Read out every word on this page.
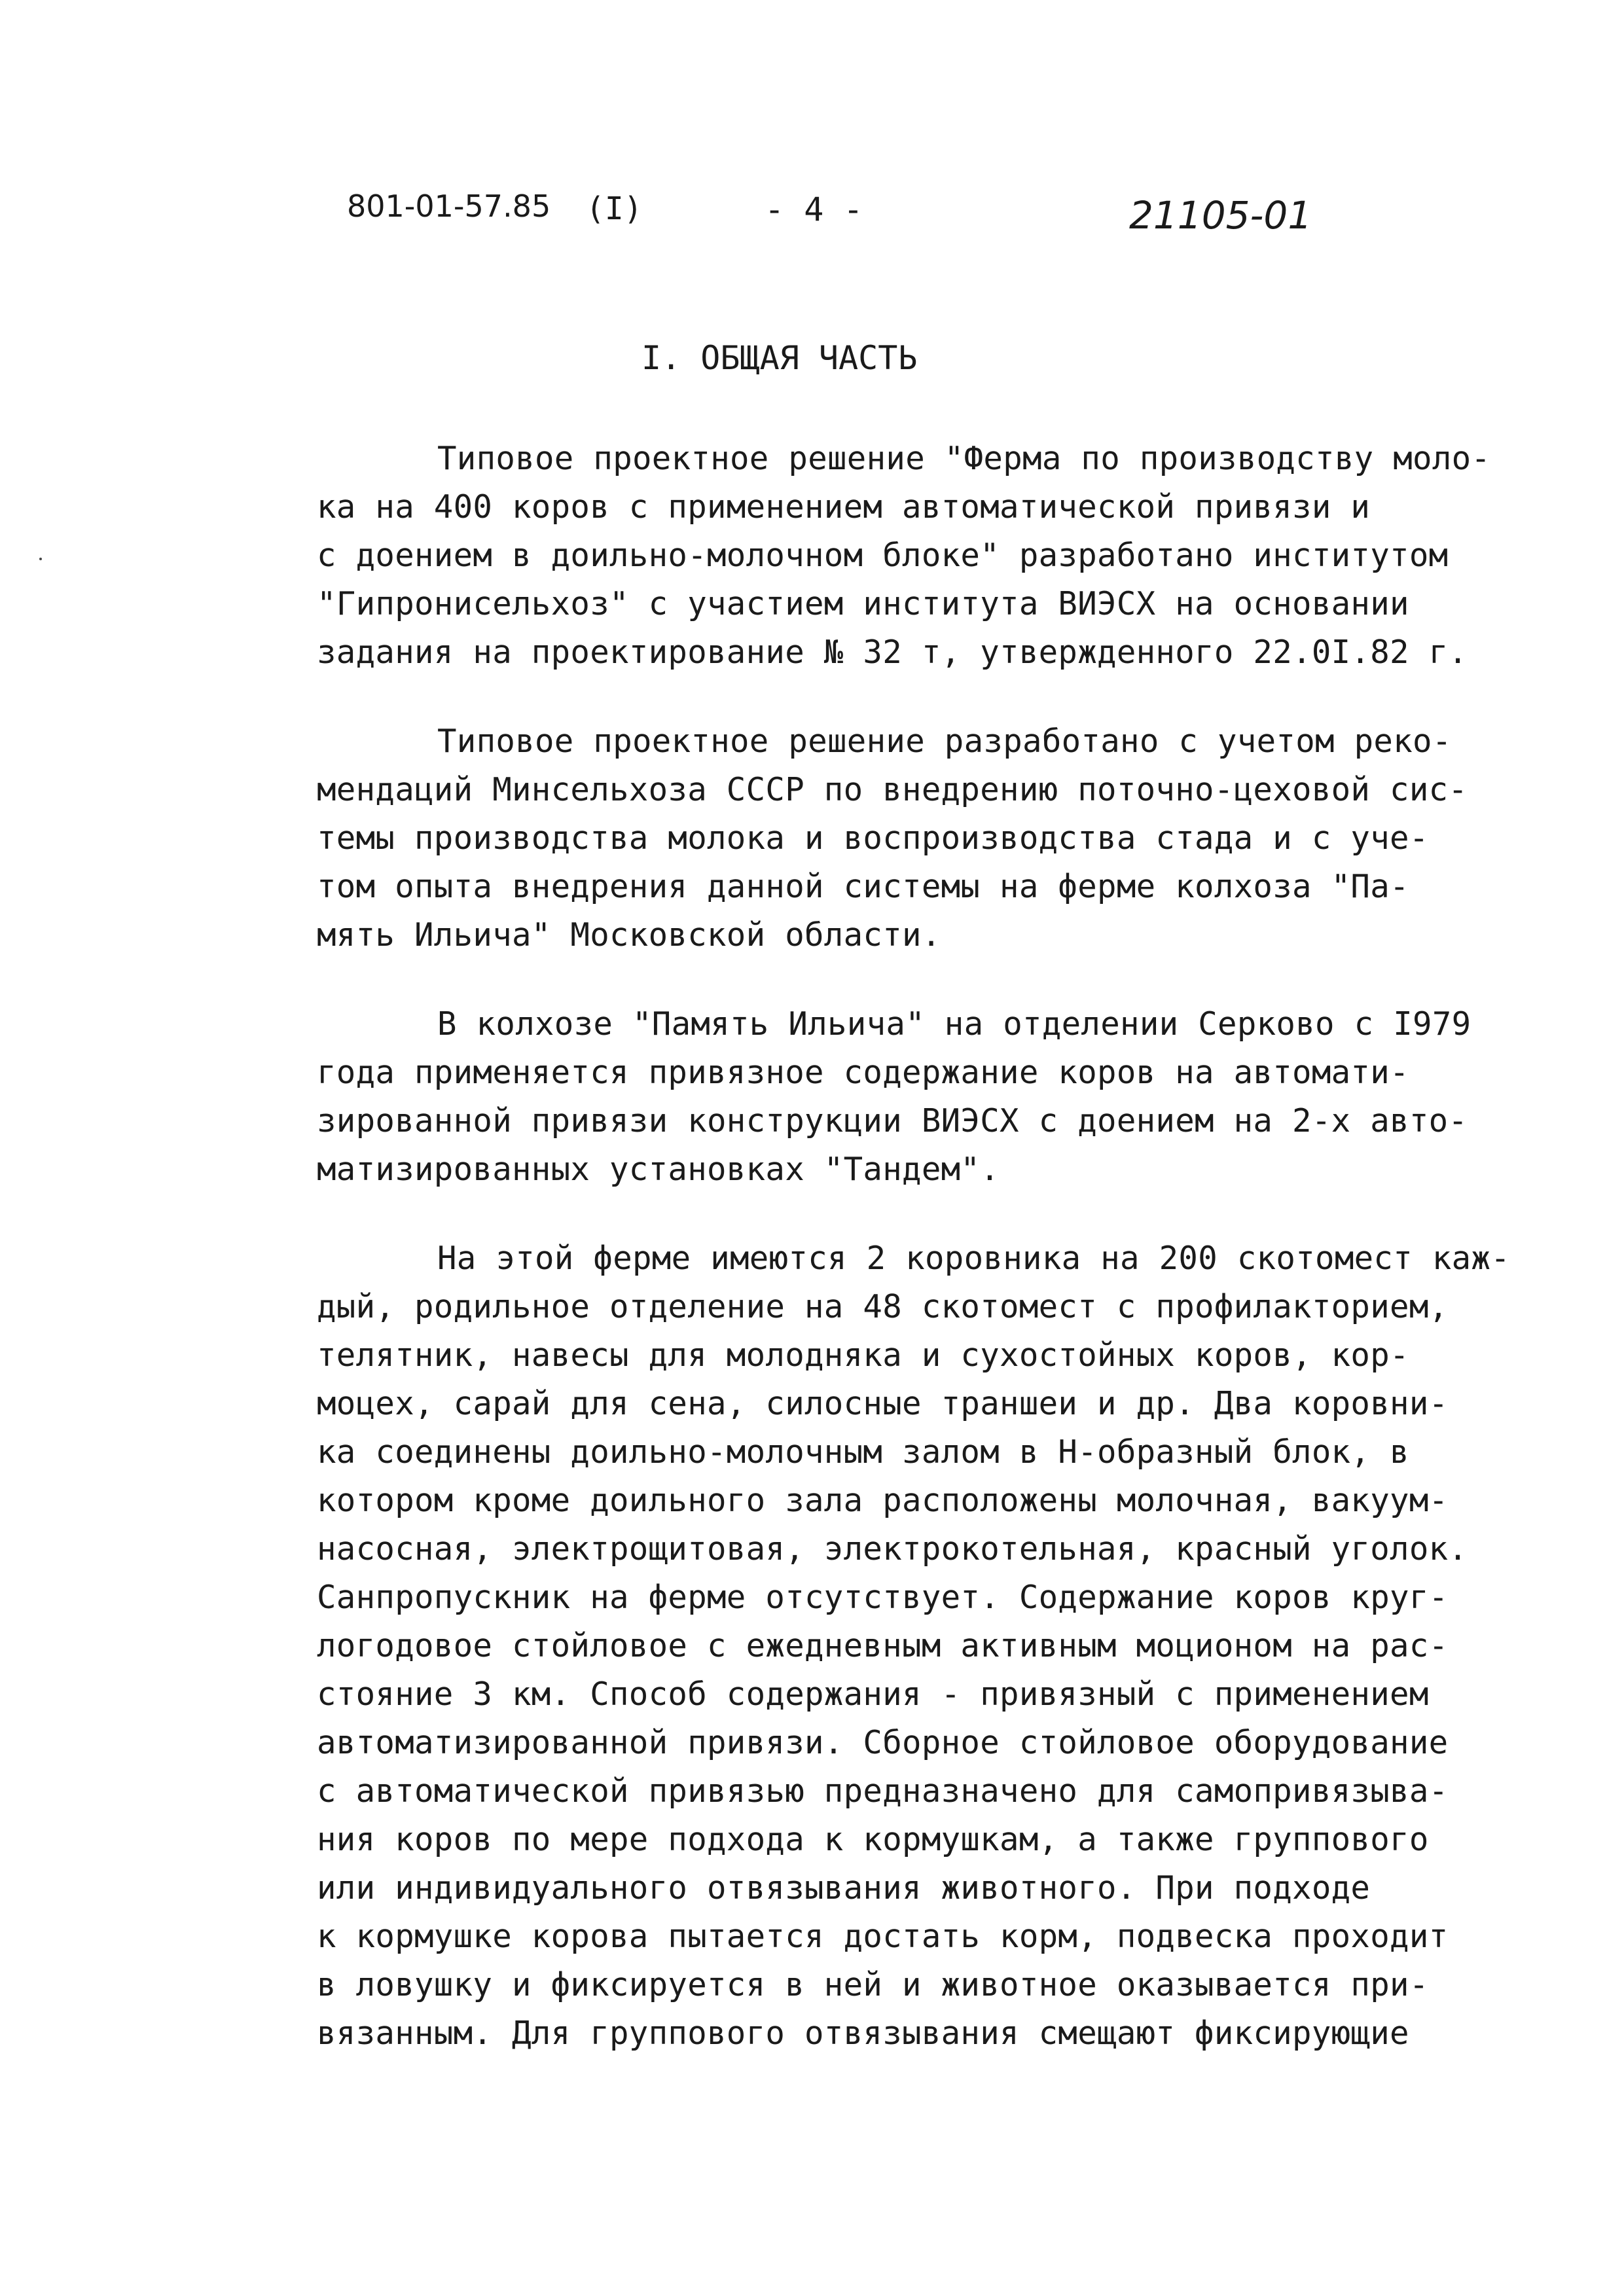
801-01-57.85 (I)	- 4 -	21105-01
I. ОБЩАЯ ЧАСТЬ
Типовое проектное решение "Ферма по производству моло-
ка на 400 коров с применением автоматической привязи и
с доением в доильно-молочном блоке" разработано институтом
"Гипронисельхоз" с участием института ВИЭСХ на основании
задания на проектирование № 32 т, утвержденного 22.0I.82 г.
Типовое проектное решение разработано с учетом реко-
мендаций Минсельхоза СССР по внедрению поточно-цеховой сис-
темы производства молока и воспроизводства стада и с уче-
том опыта внедрения данной системы на ферме колхоза "Па-
мять Ильича" Московской области.
В колхозе "Память Ильича" на отделении Серково с I979
года применяется привязное содержание коров на автомати-
зированной привязи конструкции ВИЭСХ с доением на 2-х авто-
матизированных установках "Тандем".
На этой ферме имеются 2 коровника на 200 скотомест каж-
дый, родильное отделение на 48 скотомест с профилакторием,
телятник, навесы для молодняка и сухостойных коров, кор-
моцех, сарай для сена, силосные траншеи и др. Два коровни-
ка соединены доильно-молочным залом в Н-образный блок, в
котором кроме доильного зала расположены молочная, вакуум-
насосная, электрощитовая, электрокотельная, красный уголок.
Санпропускник на ферме отсутствует. Содержание коров круг-
логодовое стойловое с ежедневным активным моционом на рас-
стояние 3 км. Способ содержания - привязный с применением
автоматизированной привязи. Сборное стойловое оборудование
с автоматической привязью предназначено для самопривязыва-
ния коров по мере подхода к кормушкам, а также группового
или индивидуального отвязывания животного. При подходе
к кормушке корова пытается достать корм, подвеска проходит
в ловушку и фиксируется в ней и животное оказывается при-
вязанным. Для группового отвязывания смещают фиксирующие
